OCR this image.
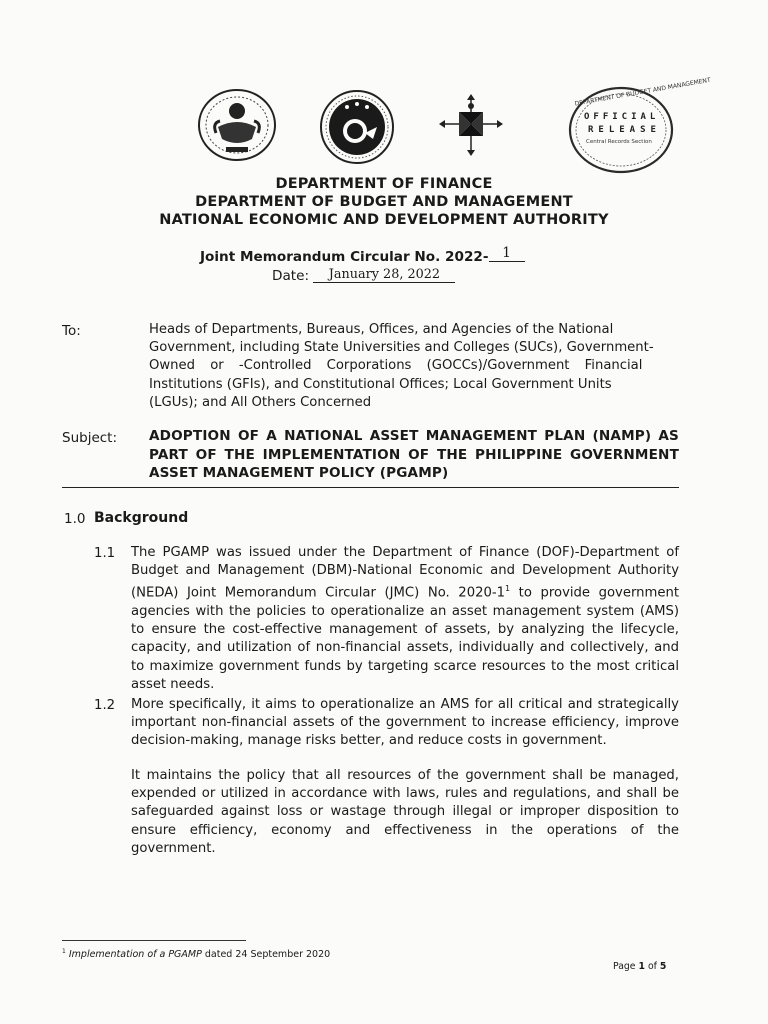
DEPARTMENT OF BUDGET AND MANAGEMENT
OFFICIAL
RELEASE
Central Records Section
DEPARTMENT OF FINANCE
DEPARTMENT OF BUDGET AND MANAGEMENT
NATIONAL ECONOMIC AND DEVELOPMENT AUTHORITY
Joint Memorandum Circular No. 2022- 1
Date: January 28, 2022
To:	Heads of Departments, Bureaus, Offices, and Agencies of the National
Government, including State Universities and Colleges (SUCs), Government-
Owned or -Controlled Corporations (GOCCs)/Government Financial
Institutions (GFIs), and Constitutional Offices; Local Government Units
(LGUs); and All Others Concerned
Subject: ADOPTION OF A NATIONAL ASSET MANAGEMENT PLAN (NAMP) AS PART OF THE IMPLEMENTATION OF THE PHILIPPINE GOVERNMENT ASSET MANAGEMENT POLICY (PGAMP)
1.0 Background
1.1 The PGAMP was issued under the Department of Finance (DOF)-Department of Budget and Management (DBM)-National Economic and Development Authority (NEDA) Joint Memorandum Circular (JMC) No. $2020-1^1$ to provide government agencies with the policies to operationalize an asset management system (AMS) to ensure the cost-effective management of assets, by analyzing the lifecycle, capacity, and utilization of non-financial assets, individually and collectively, and to maximize government funds by targeting scarce resources to the most critical asset needs.
1.2 More specifically, it aims to operationalize an AMS for all critical and strategically important non-financial assets of the government to increase efficiency, improve decision-making, manage risks better, and reduce costs in government.
It maintains the policy that all resources of the government shall be managed, expended or utilized in accordance with laws, rules and regulations, and shall be safeguarded against loss or wastage through illegal or improper disposition to ensure efficiency, economy and effectiveness in the operations of the government.
$^1$ Implementation of a PGAMP dated 24 September 2020
Page 1 of 5
